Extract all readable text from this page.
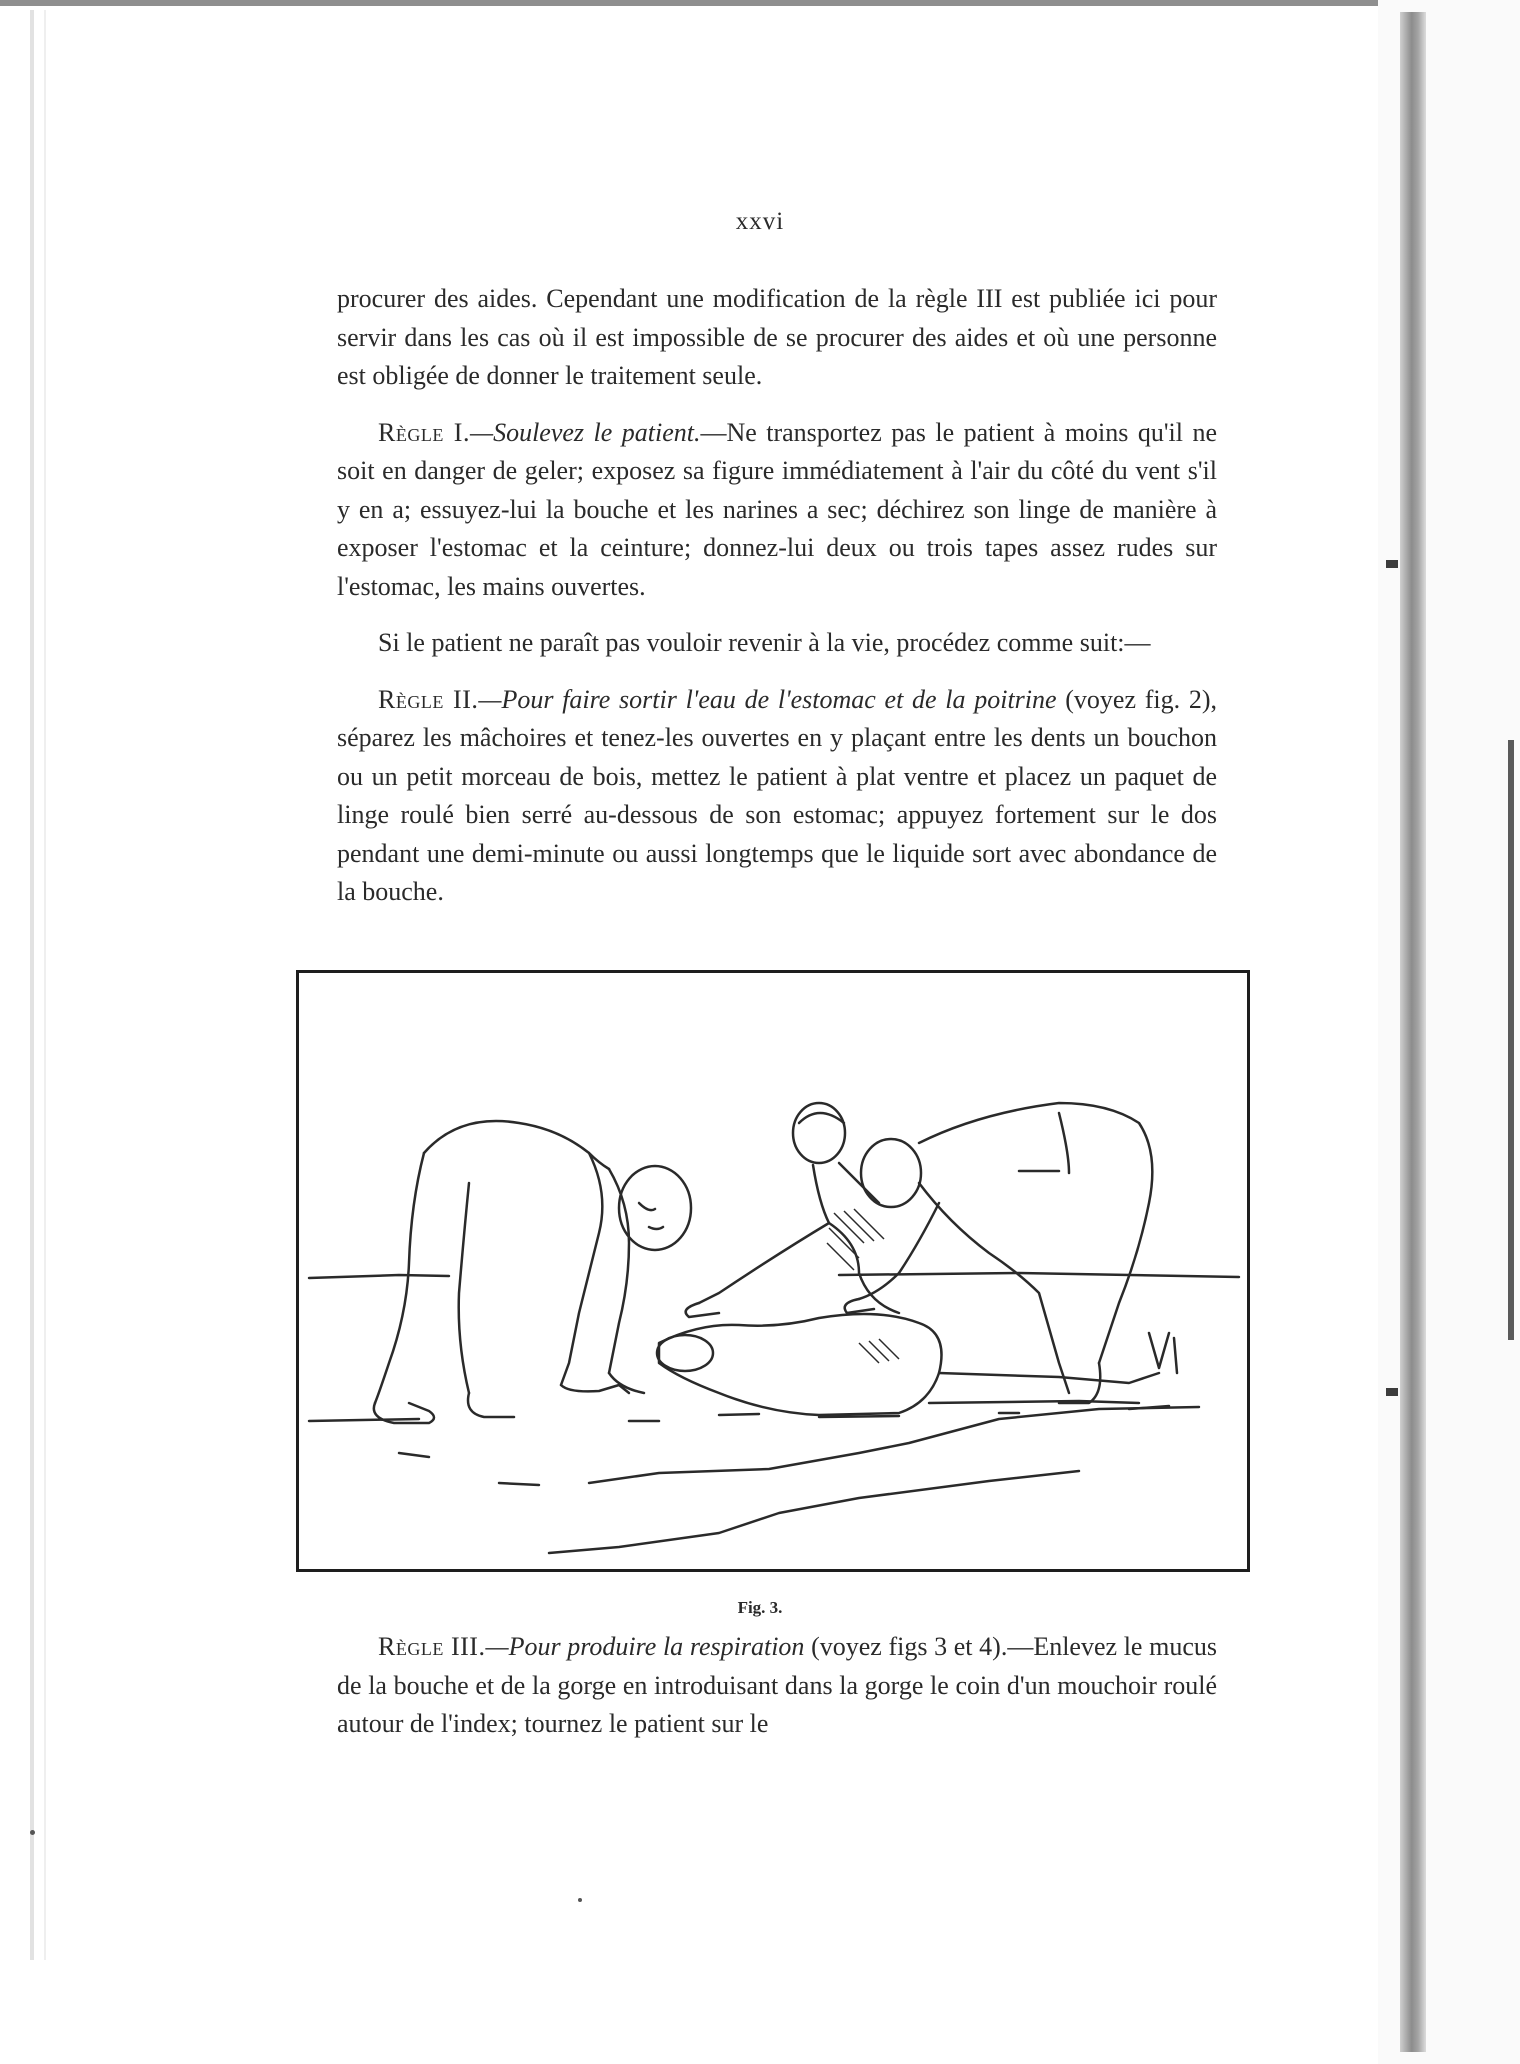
xxvi

procurer des aides. Cependant une modification de la règle III est publiée ici pour servir dans les cas où il est impossible de se procurer des aides et où une personne est obligée de donner le traitement seule.

Règle I.—Soulevez le patient.—Ne transportez pas le patient à moins qu'il ne soit en danger de geler; exposez sa figure immédiatement à l'air du côté du vent s'il y en a; essuyez-lui la bouche et les narines a sec; déchirez son linge de manière à exposer l'estomac et la ceinture; donnez-lui deux ou trois tapes assez rudes sur l'estomac, les mains ouvertes.

Si le patient ne paraît pas vouloir revenir à la vie, procédez comme suit:—

Règle II.—Pour faire sortir l'eau de l'estomac et de la poitrine (voyez fig. 2), séparez les mâchoires et tenez-les ouvertes en y plaçant entre les dents un bouchon ou un petit morceau de bois, mettez le patient à plat ventre et placez un paquet de linge roulé bien serré au-dessous de son estomac; appuyez fortement sur le dos pendant une demi-minute ou aussi longtemps que le liquide sort avec abondance de la bouche.

Fig. 3.

Règle III.—Pour produire la respiration (voyez figs 3 et 4).—Enlevez le mucus de la bouche et de la gorge en introduisant dans la gorge le coin d'un mouchoir roulé autour de l'index; tournez le patient sur le
